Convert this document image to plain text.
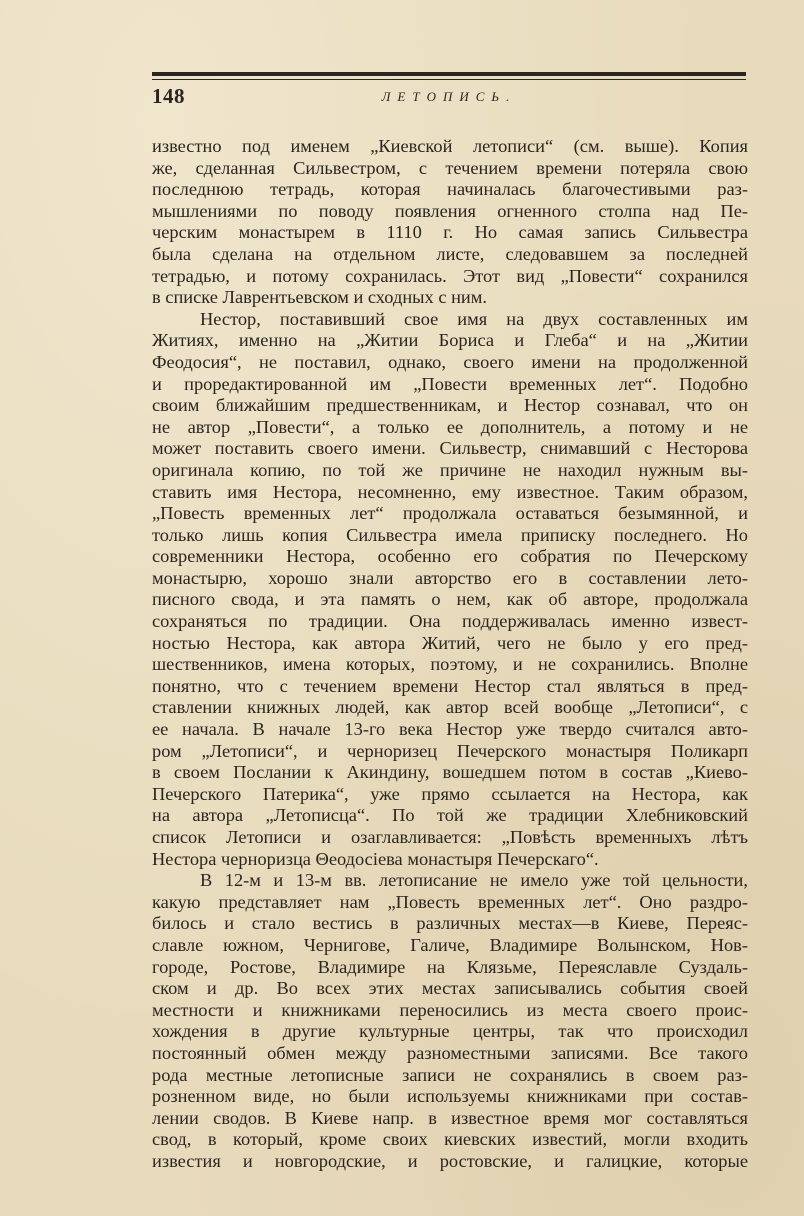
148	ЛЕТОПИСЬ.
известно под именем „Киевской летописи“ (см. выше). Копия
же, сделанная Сильвестром, с течением времени потеряла свою
последнюю тетрадь, которая начиналась благочестивыми раз-
мышлениями по поводу появления огненного столпа над Пе-
черским монастырем в 1110 г. Но самая запись Сильвестра
была сделана на отдельном листе, следовавшем за последней
тетрадью, и потому сохранилась. Этот вид „Повести“ сохранился
в списке Лаврентьевском и сходных с ним.
Нестор, поставивший свое имя на двух составленных им
Житиях, именно на „Житии Бориса и Глеба“ и на „Житии
Феодосия“, не поставил, однако, своего имени на продолженной
и проредактированной им „Повести временных лет“. Подобно
своим ближайшим предшественникам, и Нестор сознавал, что он
не автор „Повести“, а только ее дополнитель, а потому и не
может поставить своего имени. Сильвестр, снимавший с Несторова
оригинала копию, по той же причине не находил нужным вы-
ставить имя Нестора, несомненно, ему известное. Таким образом,
„Повесть временных лет“ продолжала оставаться безымянной, и
только лишь копия Сильвестра имела приписку последнего. Но
современники Нестора, особенно его собратия по Печерскому
монастырю, хорошо знали авторство его в составлении лето-
писного свода, и эта память о нем, как об авторе, продолжала
сохраняться по традиции. Она поддерживалась именно извест-
ностью Нестора, как автора Житий, чего не было у его пред-
шественников, имена которых, поэтому, и не сохранились. Вполне
понятно, что с течением времени Нестор стал являться в пред-
ставлении книжных людей, как автор всей вообще „Летописи“, с
ее начала. В начале 13-го века Нестор уже твердо считался авто-
ром „Летописи“, и черноризец Печерского монастыря Поликарп
в своем Послании к Акиндину, вошедшем потом в состав „Киево-
Печерского Патерика“, уже прямо ссылается на Нестора, как
на автора „Летописца“. По той же традиции Хлебниковский
список Летописи и озаглавливается: „Повѣсть временныхъ лѣтъ
Нестора черноризца Θеодосіева монастыря Печерскаго“.
В 12-м и 13-м вв. летописание не имело уже той цельности,
какую представляет нам „Повесть временных лет“. Оно раздро-
билось и стало вестись в различных местах—в Киеве, Переяс-
славле южном, Чернигове, Галиче, Владимире Волынском, Нов-
городе, Ростове, Владимире на Клязьме, Переяславле Суздаль-
ском и др. Во всех этих местах записывались события своей
местности и книжниками переносились из места своего проис-
хождения в другие культурные центры, так что происходил
постоянный обмен между разноместными записями. Все такого
рода местные летописные записи не сохранялись в своем раз-
розненном виде, но были используемы книжниками при состав-
лении сводов. В Киеве напр. в известное время мог составляться
свод, в который, кроме своих киевских известий, могли входить
известия и новгородские, и ростовские, и галицкие, которые
